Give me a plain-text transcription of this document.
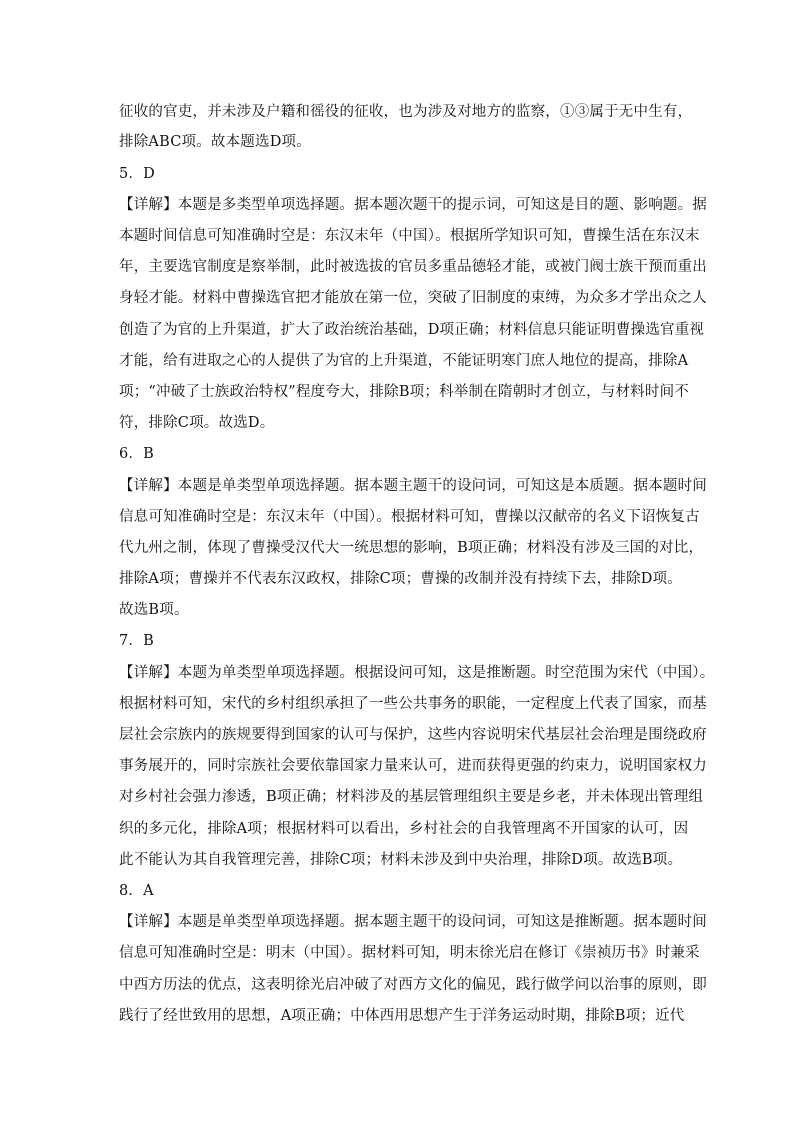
征收的官吏，并未涉及户籍和徭役的征收，也为涉及对地方的监察，①③属于无中生有，
排除ABC项。故本题选D项。
5．D
【详解】本题是多类型单项选择题。据本题次题干的提示词，可知这是目的题、影响题。据
本题时间信息可知准确时空是：东汉末年（中国）。根据所学知识可知，曹操生活在东汉末
年，主要选官制度是察举制，此时被选拔的官员多重品德轻才能，或被门阀士族干预而重出
身轻才能。材料中曹操选官把才能放在第一位，突破了旧制度的束缚，为众多才学出众之人
创造了为官的上升渠道，扩大了政治统治基础，D项正确；材料信息只能证明曹操选官重视
才能，给有进取之心的人提供了为官的上升渠道，不能证明寒门庶人地位的提高，排除A
项；“冲破了士族政治特权”程度夸大，排除B项；科举制在隋朝时才创立，与材料时间不
符，排除C项。故选D。
6．B
【详解】本题是单类型单项选择题。据本题主题干的设问词，可知这是本质题。据本题时间
信息可知准确时空是：东汉末年（中国）。根据材料可知，曹操以汉献帝的名义下诏恢复古
代九州之制，体现了曹操受汉代大一统思想的影响，B项正确；材料没有涉及三国的对比，
排除A项；曹操并不代表东汉政权，排除C项；曹操的改制并没有持续下去，排除D项。
故选B项。
7．B
【详解】本题为单类型单项选择题。根据设问可知，这是推断题。时空范围为宋代（中国）。
根据材料可知，宋代的乡村组织承担了一些公共事务的职能，一定程度上代表了国家，而基
层社会宗族内的族规要得到国家的认可与保护，这些内容说明宋代基层社会治理是围绕政府
事务展开的，同时宗族社会要依靠国家力量来认可，进而获得更强的约束力，说明国家权力
对乡村社会强力渗透，B项正确；材料涉及的基层管理组织主要是乡老，并未体现出管理组
织的多元化，排除A项；根据材料可以看出，乡村社会的自我管理离不开国家的认可，因
此不能认为其自我管理完善，排除C项；材料未涉及到中央治理，排除D项。故选B项。
8．A
【详解】本题是单类型单项选择题。据本题主题干的设问词，可知这是推断题。据本题时间
信息可知准确时空是：明末（中国）。据材料可知，明末徐光启在修订《崇祯历书》时兼采
中西方历法的优点，这表明徐光启冲破了对西方文化的偏见，践行做学问以治事的原则，即
践行了经世致用的思想，A项正确；中体西用思想产生于洋务运动时期，排除B项；近代
